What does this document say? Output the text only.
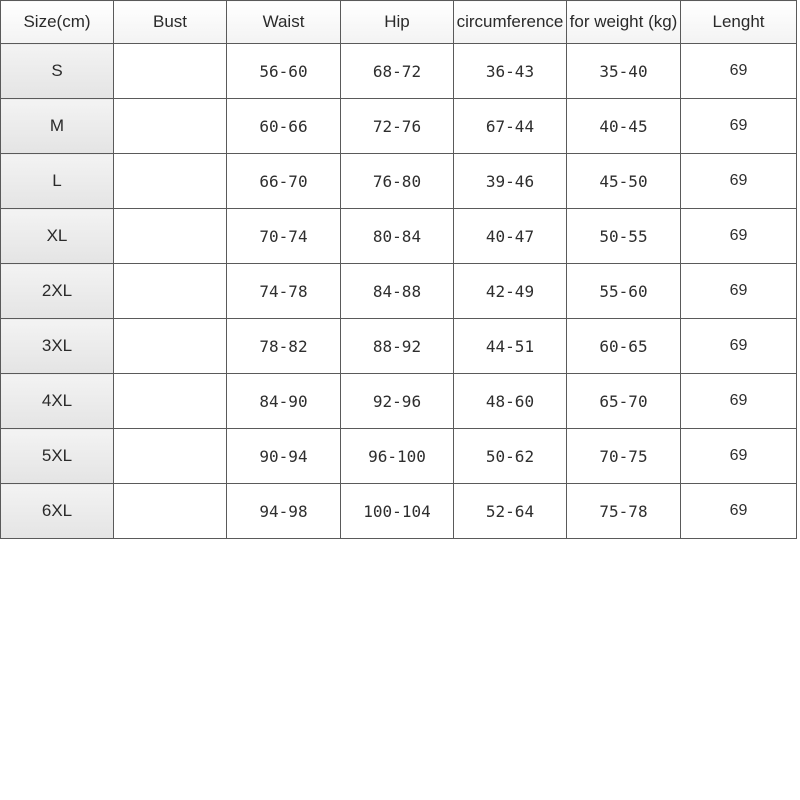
Size(cm)	Bust	Waist	Hip	circumference	for weight (kg)	Lenght
S		56-60	68-72	36-43	35-40	69
M		60-66	72-76	67-44	40-45	69
L		66-70	76-80	39-46	45-50	69
XL		70-74	80-84	40-47	50-55	69
2XL		74-78	84-88	42-49	55-60	69
3XL		78-82	88-92	44-51	60-65	69
4XL		84-90	92-96	48-60	65-70	69
5XL		90-94	96-100	50-62	70-75	69
6XL		94-98	100-104	52-64	75-78	69
